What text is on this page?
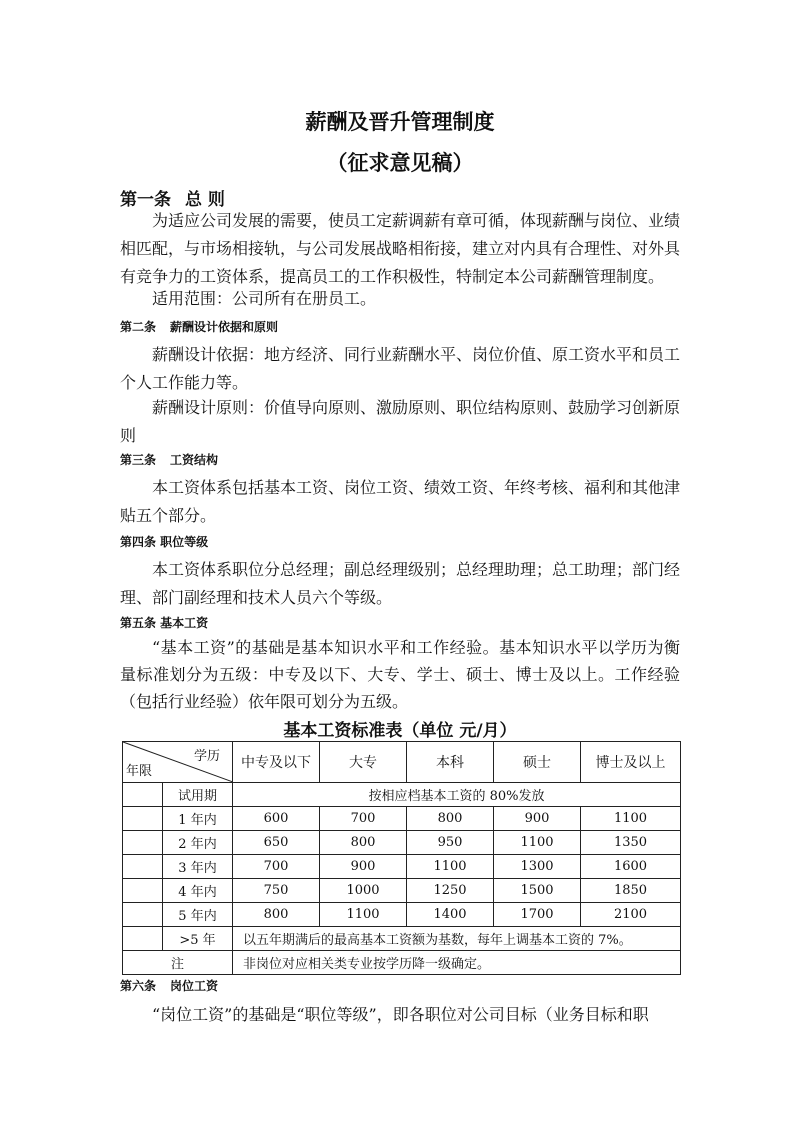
薪酬及晋升管理制度
（征求意见稿）
第一条 总 则
为适应公司发展的需要，使员工定薪调薪有章可循，体现薪酬与岗位、业绩相匹配，与市场相接轨，与公司发展战略相衔接，建立对内具有合理性、对外具有竞争力的工资体系，提高员工的工作积极性，特制定本公司薪酬管理制度。
适用范围：公司所有在册员工。
第二条 薪酬设计依据和原则
薪酬设计依据：地方经济、同行业薪酬水平、岗位价值、原工资水平和员工个人工作能力等。
薪酬设计原则：价值导向原则、激励原则、职位结构原则、鼓励学习创新原则
第三条 工资结构
本工资体系包括基本工资、岗位工资、绩效工资、年终考核、福利和其他津贴五个部分。
第四条 职位等级
本工资体系职位分总经理；副总经理级别；总经理助理；总工助理；部门经理、部门副经理和技术人员六个等级。
第五条 基本工资
“基本工资”的基础是基本知识水平和工作经验。基本知识水平以学历为衡量标准划分为五级：中专及以下、大专、学士、硕士、博士及以上。工作经验（包括行业经验）依年限可划分为五级。
基本工资标准表（单位 元/月）
学历
年限		中专及以下	大专	本科	硕士	博士及以上
	试用期	按相应档基本工资的 80%发放				
	1 年内	600	700	800	900	1100
	2 年内	650	800	950	1100	1350
	3 年内	700	900	1100	1300	1600
	4 年内	750	1000	1250	1500	1850
	5 年内	800	1100	1400	1700	2100
	>5 年	以五年期满后的最高基本工资额为基数，每年上调基本工资的 7%。				
注		非岗位对应相关类专业按学历降一级确定。				
第六条 岗位工资
“岗位工资”的基础是“职位等级”，即各职位对公司目标（业务目标和职
